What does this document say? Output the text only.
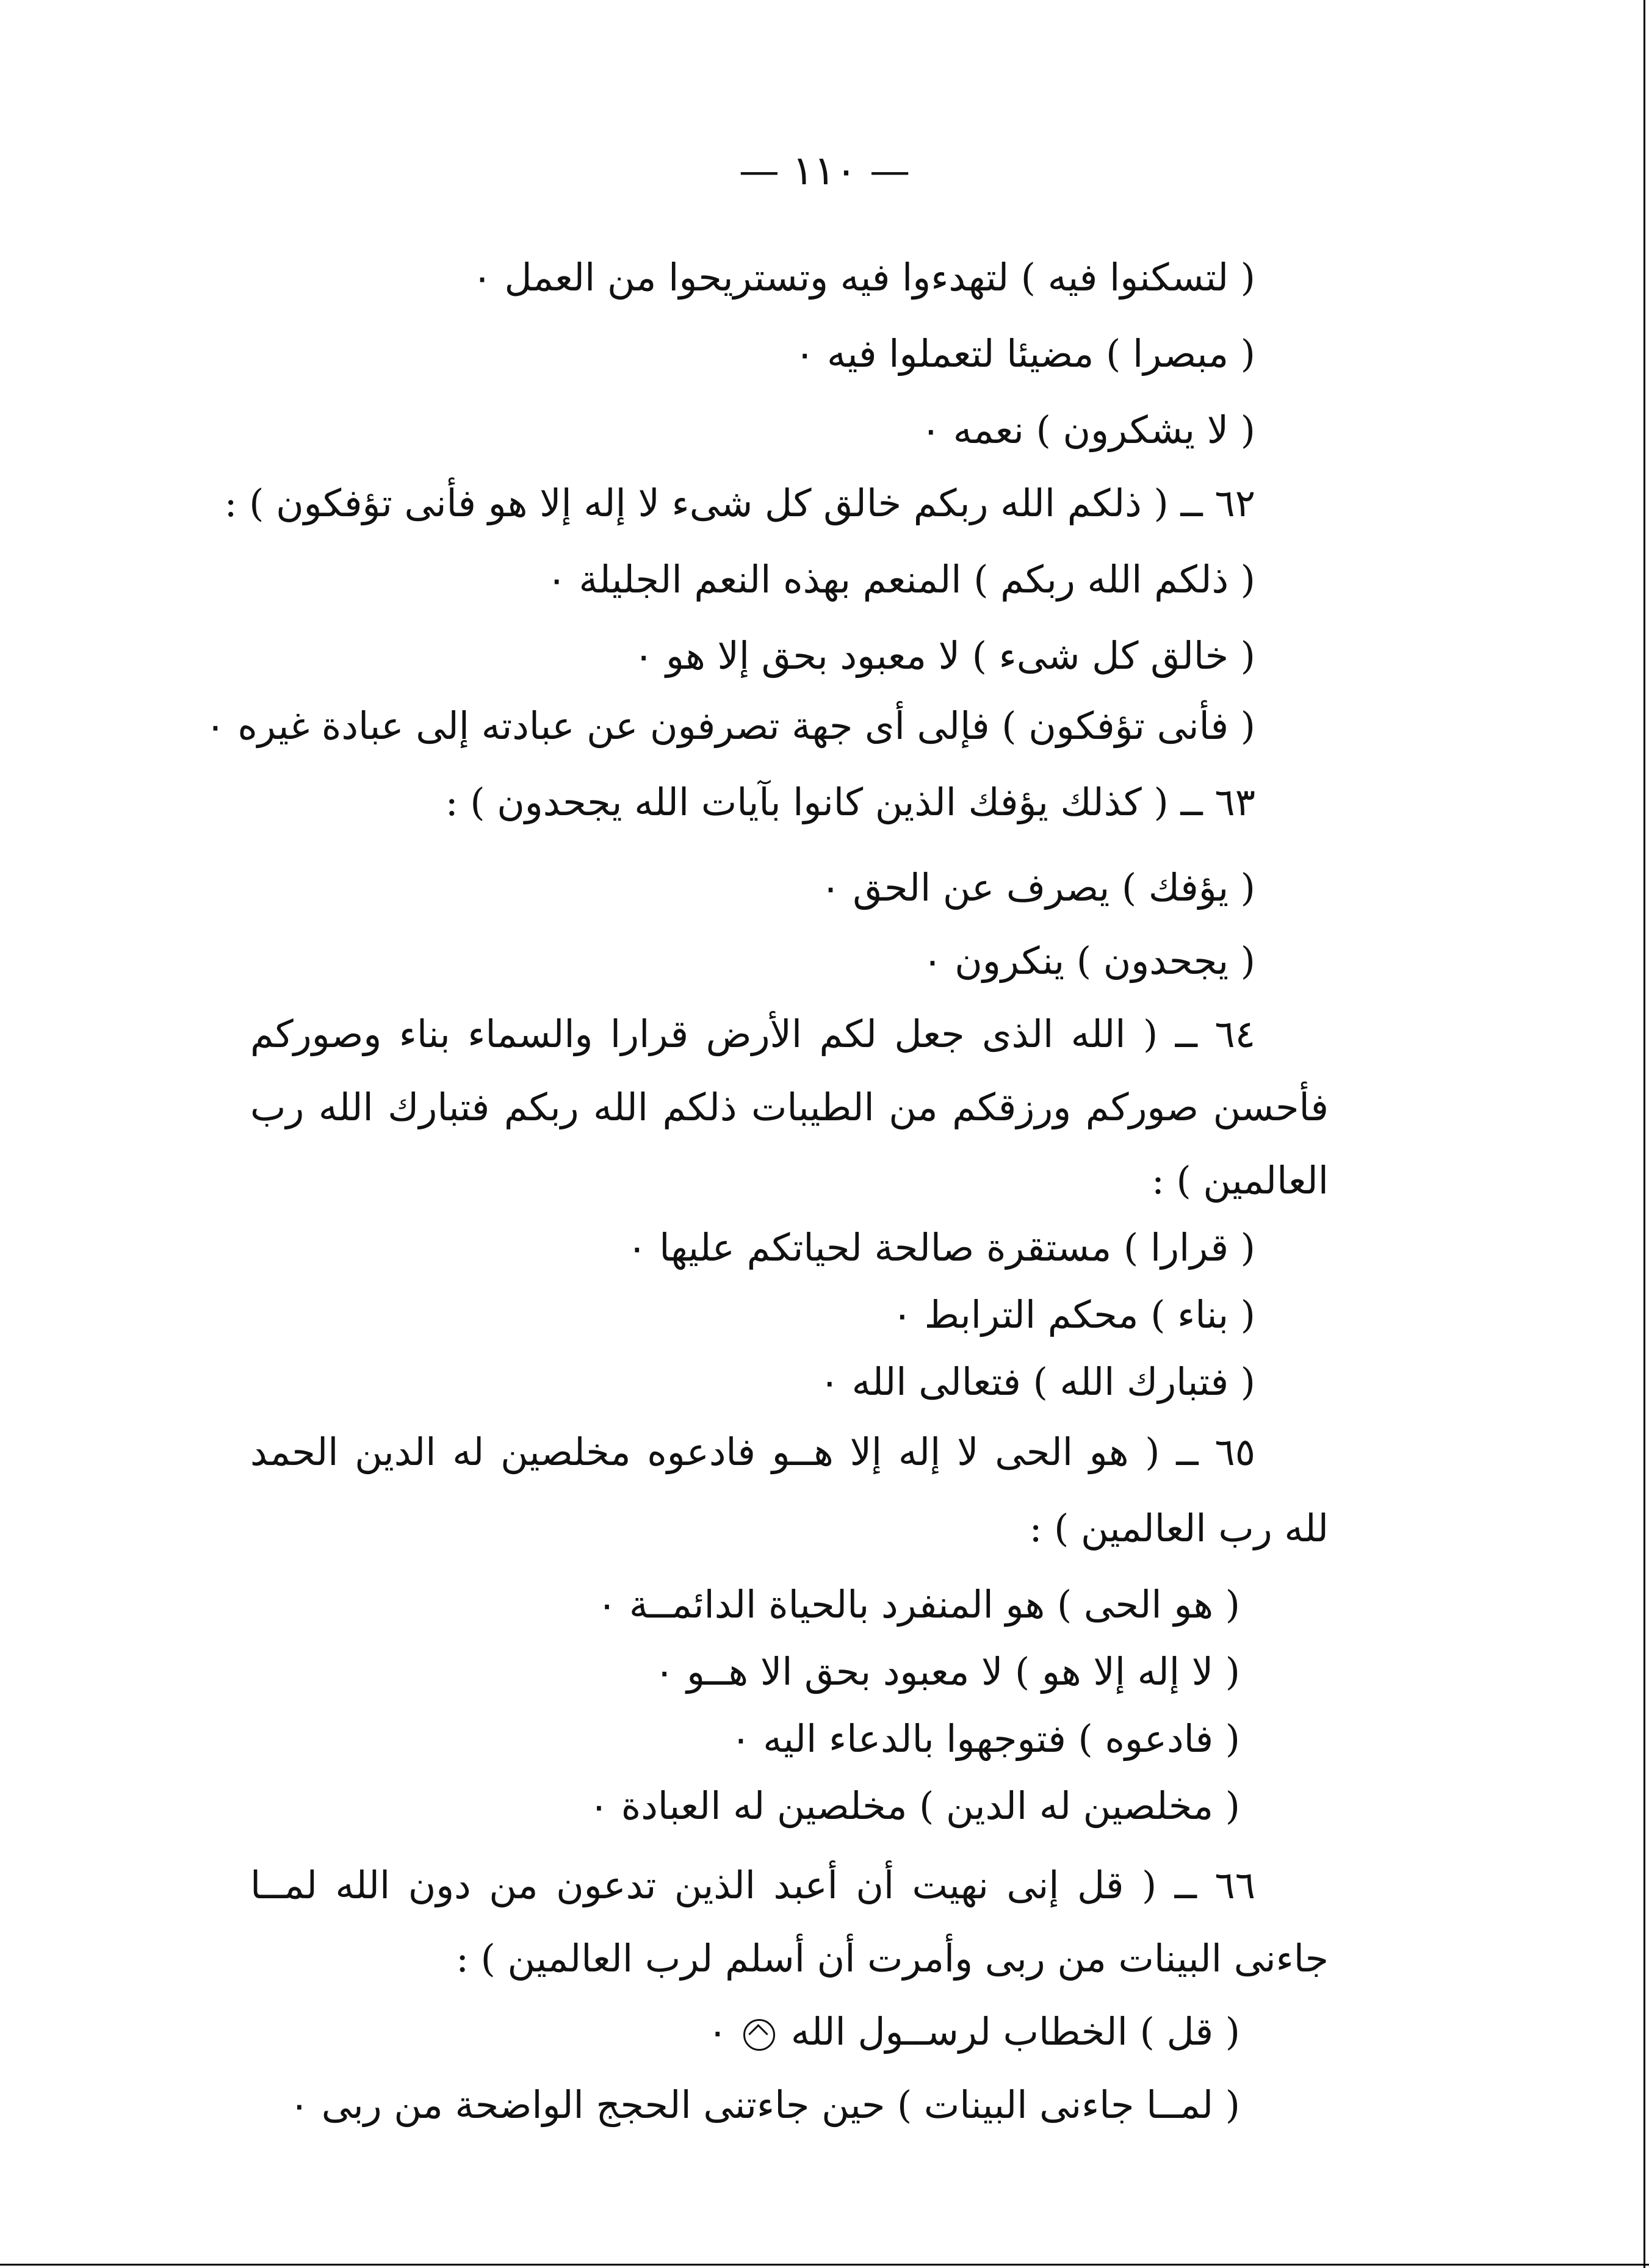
— ١١٠ —
( لتسكنوا فيه ) لتهدءوا فيه وتستريحوا من العمل ٠
( مبصرا ) مضيئا لتعملوا فيه ٠
( لا يشكرون ) نعمه ٠
٦٢ ــ ( ذلكم الله ربكم خالق كل شىء لا إله إلا هو فأنى تؤفكون ) :
( ذلكم الله ربكم ) المنعم بهذه النعم الجليلة ٠
( خالق كل شىء ) لا معبود بحق إلا هو ٠
( فأنى تؤفكون ) فإلى أى جهة تصرفون عن عبادته إلى عبادة غيره ٠
٦٣ ــ ( كذلك يؤفك الذين كانوا بآيات الله يجحدون ) :
( يؤفك ) يصرف عن الحق ٠
( يجحدون ) ينكرون ٠
٦٤ ــ ( الله الذى جعل لكم الأرض قرارا والسماء بناء وصوركم
فأحسن صوركم ورزقكم من الطيبات ذلكم الله ربكم فتبارك الله رب
العالمين ) :
( قرارا ) مستقرة صالحة لحياتكم عليها ٠
( بناء ) محكم الترابط ٠
( فتبارك الله ) فتعالى الله ٠
٦٥ ــ ( هو الحى لا إله إلا هــو فادعوه مخلصين له الدين الحمد
لله رب العالمين ) :
( هو الحى ) هو المنفرد بالحياة الدائمــة ٠
( لا إله إلا هو ) لا معبود بحق الا هــو ٠
( فادعوه ) فتوجهوا بالدعاء اليه ٠
( مخلصين له الدين ) مخلصين له العبادة ٠
٦٦ ــ ( قل إنى نهيت أن أعبد الذين تدعون من دون الله لمــا
جاءنى البينات من ربى وأمرت أن أسلم لرب العالمين ) :
( قل ) الخطاب لرســول الله  ٠
( لمــا جاءنى البينات ) حين جاءتنى الحجج الواضحة من ربى ٠
